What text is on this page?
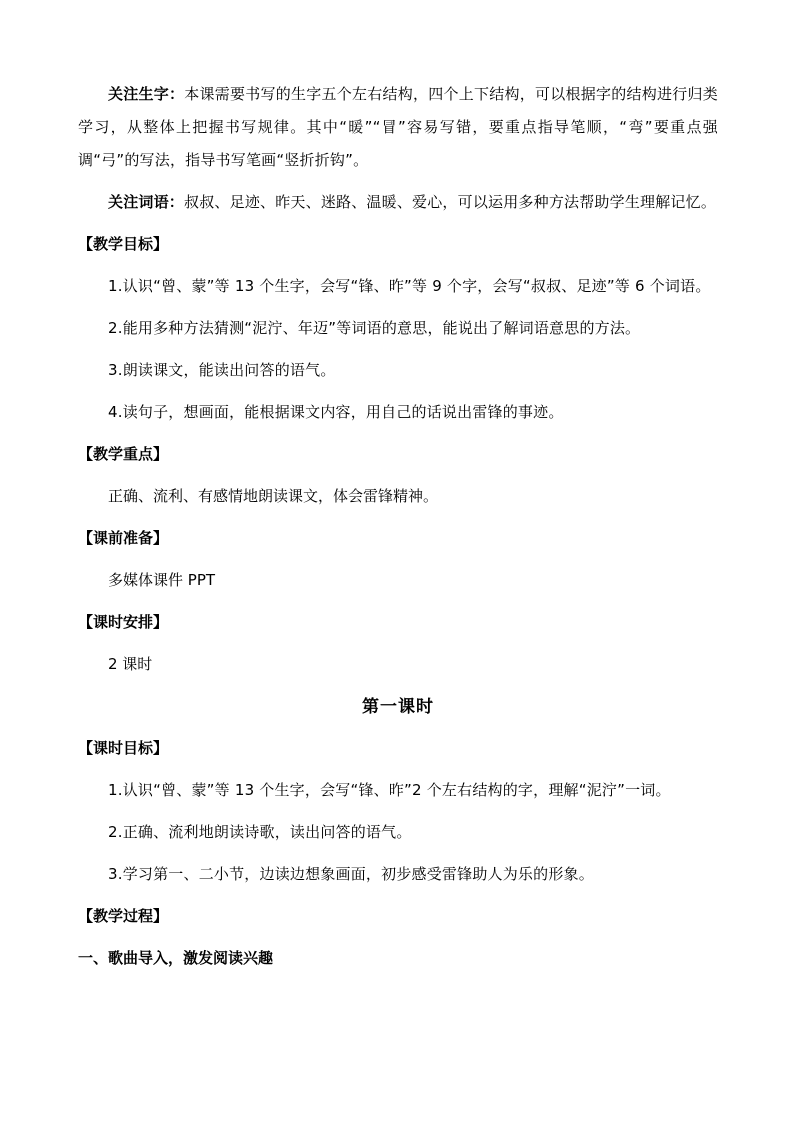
关注生字：本课需要书写的生字五个左右结构，四个上下结构，可以根据字的结构进行归类学习，从整体上把握书写规律。其中“暖”“冒”容易写错，要重点指导笔顺，“弯”要重点强调“弓”的写法，指导书写笔画“竖折折钩”。

关注词语：叔叔、足迹、昨天、迷路、温暖、爱心，可以运用多种方法帮助学生理解记忆。

【教学目标】

1.认识“曾、蒙”等 13 个生字，会写“锋、昨”等 9 个字，会写“叔叔、足迹”等 6 个词语。

2.能用多种方法猜测“泥泞、年迈”等词语的意思，能说出了解词语意思的方法。

3.朗读课文，能读出问答的语气。

4.读句子，想画面，能根据课文内容，用自己的话说出雷锋的事迹。

【教学重点】

正确、流利、有感情地朗读课文，体会雷锋精神。

【课前准备】

多媒体课件 PPT

【课时安排】

2 课时

第一课时
【课时目标】

1.认识“曾、蒙”等 13 个生字，会写“锋、昨”2 个左右结构的字，理解“泥泞”一词。

2.正确、流利地朗读诗歌，读出问答的语气。

3.学习第一、二小节，边读边想象画面，初步感受雷锋助人为乐的形象。

【教学过程】
一、歌曲导入，激发阅读兴趣
